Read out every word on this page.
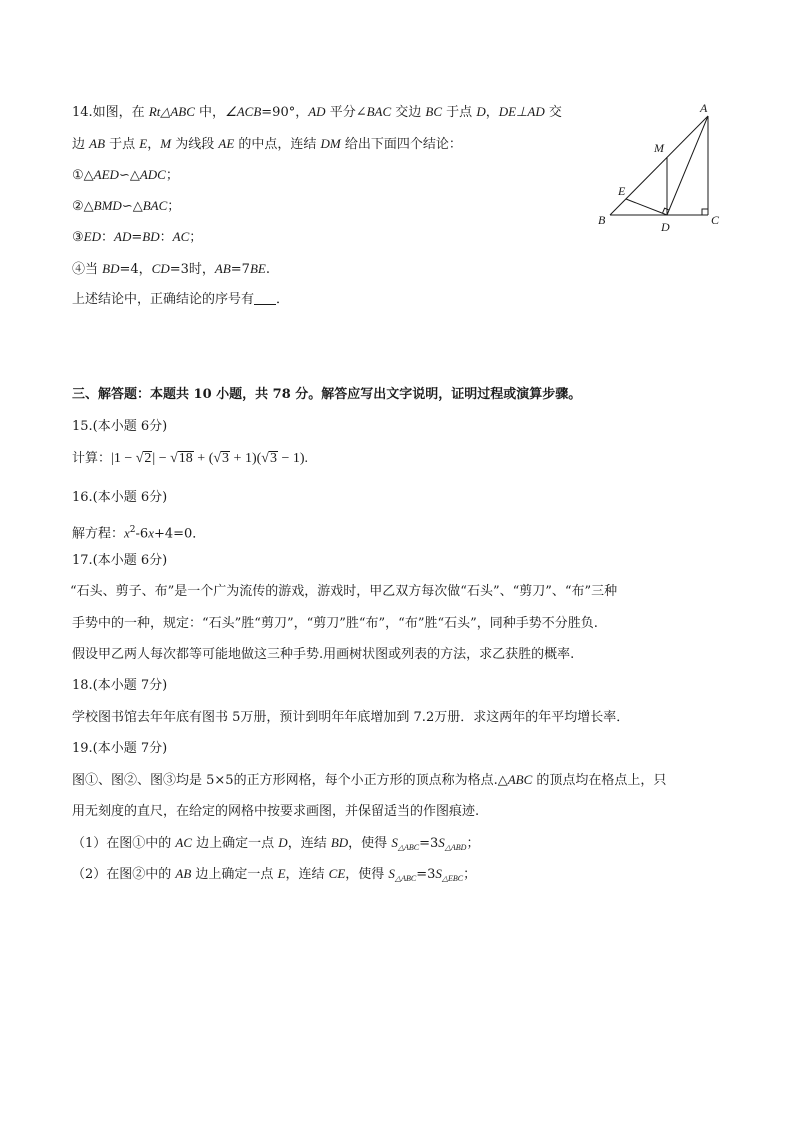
14.如图，在 Rt△ABC 中，∠ACB=90°，AD 平分∠BAC 交边 BC 于点 D，DE⊥AD 交
边 AB 于点 E，M 为线段 AE 的中点，连结 DM 给出下面四个结论：
①△AED∽△ADC；
②△BMD∽△BAC；
③ED：AD=BD：AC；
④当 BD=4，CD=3时，AB=7BE.
上述结论中，正确结论的序号有 ．
A
M
E
B	D	C
三、解答题：本题共 10 小题，共 78 分。解答应写出文字说明，证明过程或演算步骤。
15.(本小题 6分)
计算：|1 − √2| − √18 + (√3 + 1)(√3 − 1).
16.(本小题 6分)
解方程：$x^2-6x+4=0$．
17.(本小题 6分)
“石头、剪子、布”是一个广为流传的游戏，游戏时，甲乙双方每次做“石头”、“剪刀”、“布”三种
手势中的一种，规定：“石头”胜“剪刀”，“剪刀”胜“布”，“布”胜“石头”，同种手势不分胜负.
假设甲乙两人每次都等可能地做这三种手势.用画树状图或列表的方法，求乙获胜的概率.
18.(本小题 7分)
学校图书馆去年年底有图书 5万册，预计到明年年底增加到 7.2万册．求这两年的年平均增长率．
19.(本小题 7分)
图①、图②、图③均是 5×5的正方形网格，每个小正方形的顶点称为格点.△ABC 的顶点均在格点上，只
用无刻度的直尺，在给定的网格中按要求画图，并保留适当的作图痕迹.
（1）在图①中的 AC 边上确定一点 D，连结 BD，使得 $S_{\triangle ABC}=3S_{\triangle ABD}$；
（2）在图②中的 AB 边上确定一点 E，连结 CE，使得 $S_{\triangle ABC}=3S_{\triangle EBC}$；
